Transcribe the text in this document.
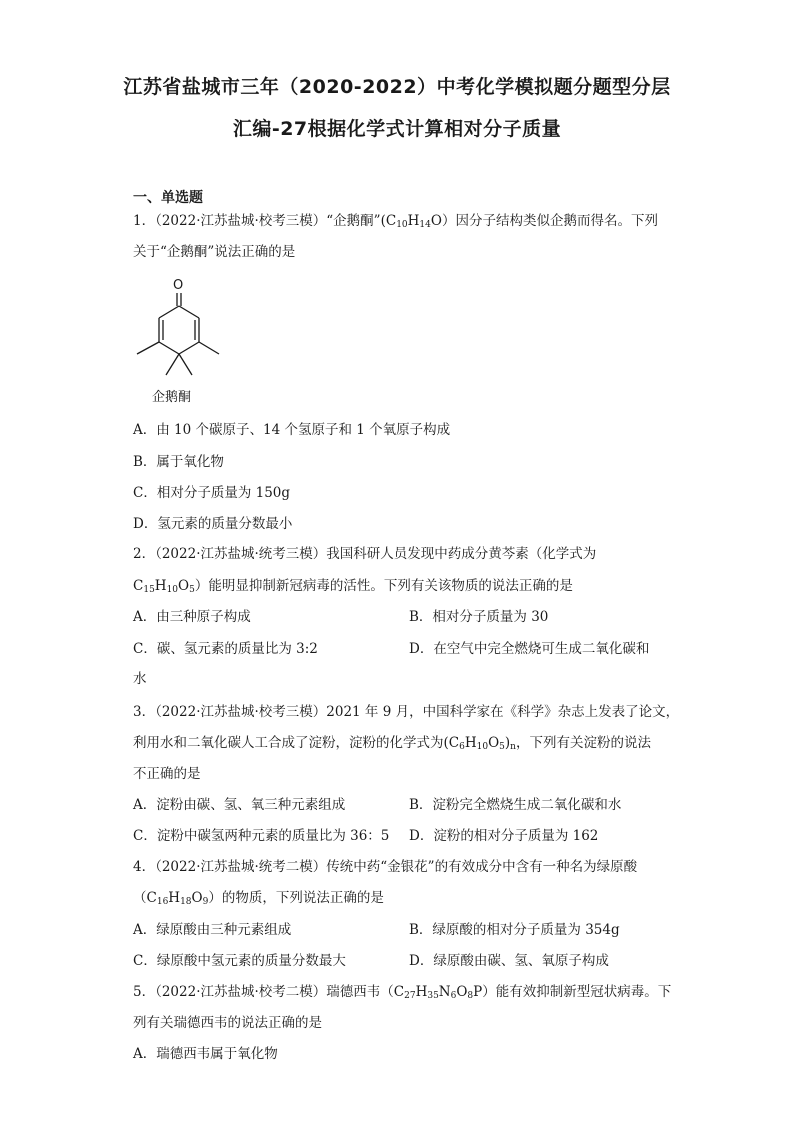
江苏省盐城市三年（2020-2022）中考化学模拟题分题型分层
汇编-27根据化学式计算相对分子质量
一、单选题
1．（2022·江苏盐城·校考三模）“企鹅酮$”(C_{10}H_{14}O)$因分子结构类似企鹅而得名。下列
关于“企鹅酮”说法正确的是
O
企鹅酮
A．由 10 个碳原子、14 个氢原子和 1 个氧原子构成
B．属于氧化物
C．相对分子质量为 150g
D．氢元素的质量分数最小
2．（2022·江苏盐城·统考三模）我国科研人员发现中药成分黄芩素（化学式为
$C_{15}H_{10}O_5$）能明显抑制新冠病毒的活性。下列有关该物质的说法正确的是
A．由三种原子构成	B．相对分子质量为 30
C．碳、氢元素的质量比为 3:2	D．在空气中完全燃烧可生成二氧化碳和
水
3．（2022·江苏盐城·校考三模）2021 年 9 月，中国科学家在《科学》杂志上发表了论文，
利用水和二氧化碳人工合成了淀粉，淀粉的化学式为$(C_6H_{10}O_5)_n$，下列有关淀粉的说法
不正确的是
A．淀粉由碳、氢、氧三种元素组成	B．淀粉完全燃烧生成二氧化碳和水
C．淀粉中碳氢两种元素的质量比为 36：5 D．淀粉的相对分子质量为 162
4．（2022·江苏盐城·统考二模）传统中药“金银花”的有效成分中含有一种名为绿原酸
$(C_{16}H_{18}O_9)$的物质，下列说法正确的是
A．绿原酸由三种元素组成	B．绿原酸的相对分子质量为 354g
C．绿原酸中氢元素的质量分数最大	D．绿原酸由碳、氢、氧原子构成
5．（2022·江苏盐城·校考二模）瑞德西韦$(C_{27}H_{35}N_6O_8P)$能有效抑制新型冠状病毒。下
列有关瑞德西韦的说法正确的是
A．瑞德西韦属于氧化物
